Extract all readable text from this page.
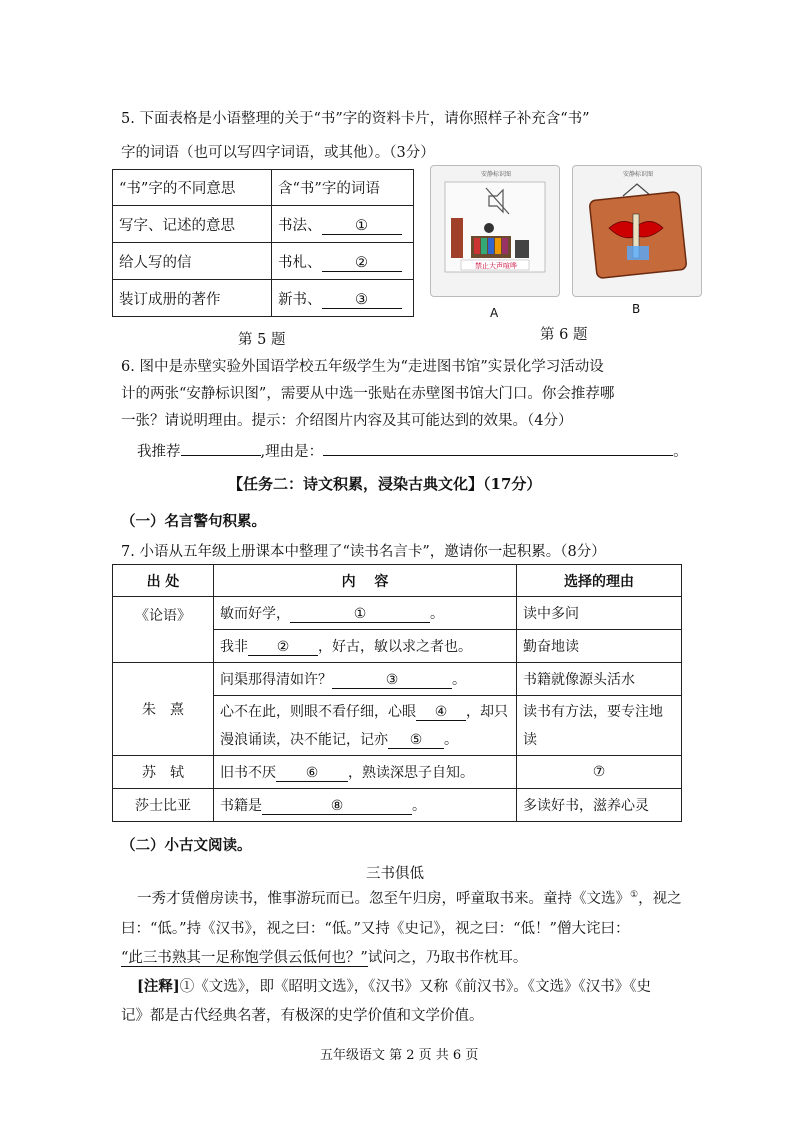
5. 下面表格是小语整理的关于“书”字的资料卡片，请你照样子补充含“书”
字的词语（也可以写四字词语，或其他）。（3分）
“书”字的不同意思	含“书”字的词语
写字、记述的意思	书法、 ①
给人写的信	书札、 ②
装订成册的著作	新书、 ③
第 5 题
安静标识图
禁止大声喧哗
A
安静标识图
B
第 6 题
6. 图中是赤壁实验外国语学校五年级学生为“走进图书馆”实景化学习活动设
计的两张“安静标识图”，需要从中选一张贴在赤壁图书馆大门口。你会推荐哪
一张？请说明理由。提示：介绍图片内容及其可能达到的效果。（4分）
我推荐	,理由是：	。
【任务二：诗文积累，浸染古典文化】（17分）
（一）名言警句积累。
7. 小语从五年级上册课本中整理了“读书名言卡”，邀请你一起积累。（8分）
出 处	内　 容	选择的理由
《论语》	敏而好学， ① 。	读中多问
	我非 ② ，好古，敏以求之者也。	勤奋地读
朱　熹	问渠那得清如许？ ③ 。	书籍就像源头活水
	心不在此，则眼不看仔细，心眼 ④ ，却只
漫浪诵读，决不能记，记亦 ⑤ 。	读书有方法，要专注地
读
苏　轼	旧书不厌 ⑥ ，熟读深思子自知。	⑦
莎士比亚	书籍是 ⑧ 。	多读好书，滋养心灵
（二）小古文阅读。
三书俱低
一秀才赁僧房读书，惟事游玩而已。忽至午归房，呼童取书来。童持《文选》①，视之
曰：“低。”持《汉书》，视之曰：“低。”又持《史记》，视之曰：“低！”僧大诧曰：
“此三书熟其一足称饱学俱云低何也？”试问之，乃取书作枕耳。
[注释]①《文选》，即《昭明文选》，《汉书》又称《前汉书》。《文选》《汉书》《史
记》都是古代经典名著，有极深的史学价值和文学价值。
五年级语文 第 2 页 共 6 页
